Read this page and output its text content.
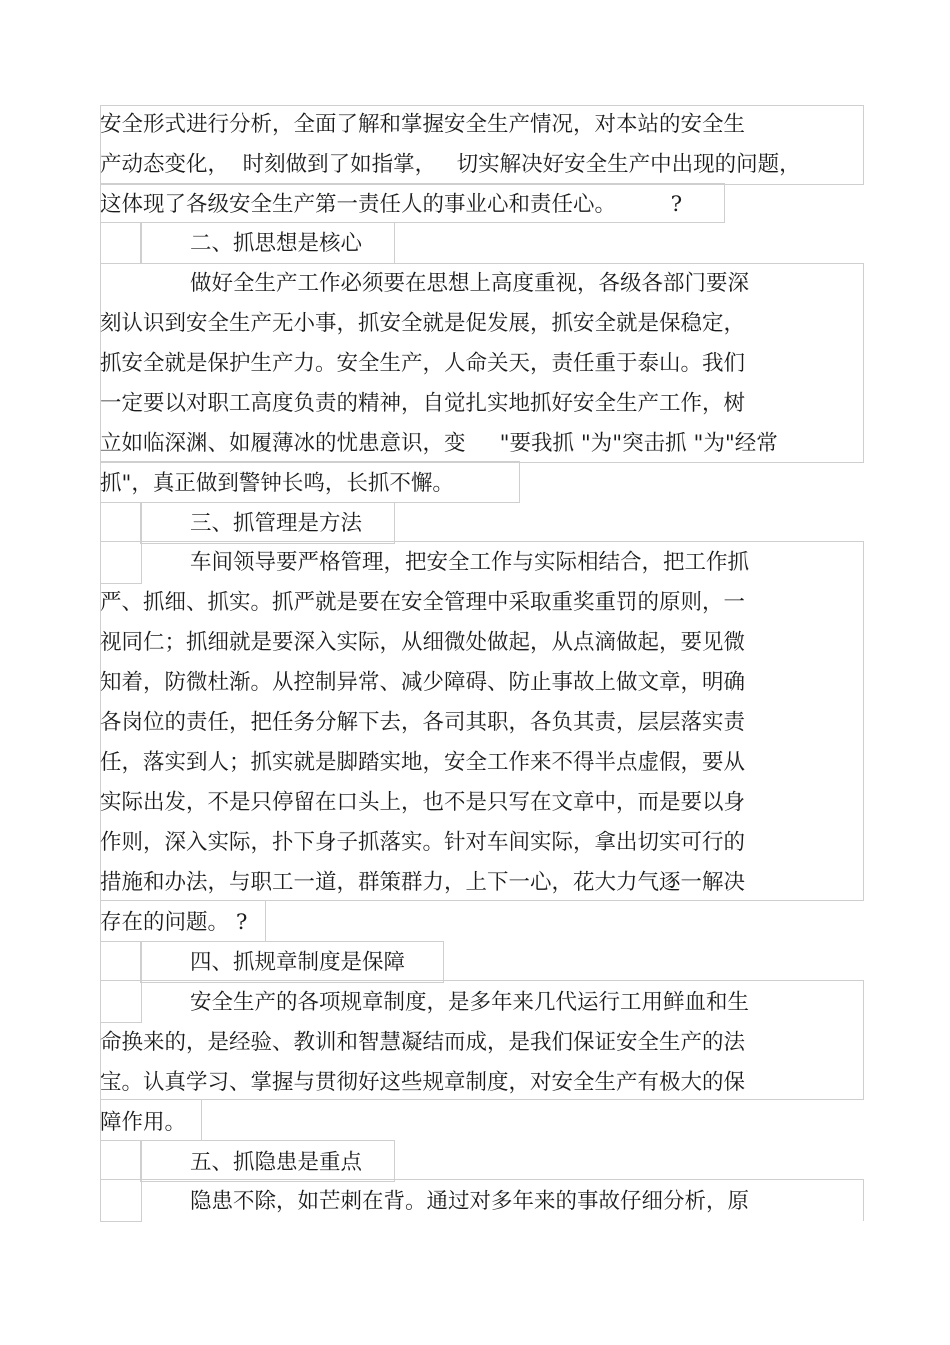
安全形式进行分析，全面了解和掌握安全生产情况，对本站的安全生
产动态变化，  时刻做到了如指掌，   切实解决好安全生产中出现的问题，
这体现了各级安全生产第一责任人的事业心和责任心。        ?
二、抓思想是核心
做好全生产工作必须要在思想上高度重视，各级各部门要深
刻认识到安全生产无小事，抓安全就是促发展，抓安全就是保稳定，
抓安全就是保护生产力。安全生产，人命关天，责任重于泰山。我们
一定要以对职工高度负责的精神，自觉扎实地抓好安全生产工作，树
立如临深渊、如履薄冰的忧患意识，变     "要我抓 "为"突击抓 "为"经常
抓"，真正做到警钟长鸣，长抓不懈。
三、抓管理是方法
车间领导要严格管理，把安全工作与实际相结合，把工作抓
严、抓细、抓实。抓严就是要在安全管理中采取重奖重罚的原则，一
视同仁；抓细就是要深入实际，从细微处做起，从点滴做起，要见微
知着，防微杜渐。从控制异常、减少障碍、防止事故上做文章，明确
各岗位的责任，把任务分解下去，各司其职，各负其责，层层落实责
任，落实到人；抓实就是脚踏实地，安全工作来不得半点虚假，要从
实际出发，不是只停留在口头上，也不是只写在文章中，而是要以身
作则，深入实际，扑下身子抓落实。针对车间实际，拿出切实可行的
措施和办法，与职工一道，群策群力，上下一心，花大力气逐一解决
存在的问题。 ?
四、抓规章制度是保障
安全生产的各项规章制度，是多年来几代运行工用鲜血和生
命换来的，是经验、教训和智慧凝结而成，是我们保证安全生产的法
宝。认真学习、掌握与贯彻好这些规章制度，对安全生产有极大的保
障作用。
五、抓隐患是重点
隐患不除，如芒刺在背。通过对多年来的事故仔细分析，原
